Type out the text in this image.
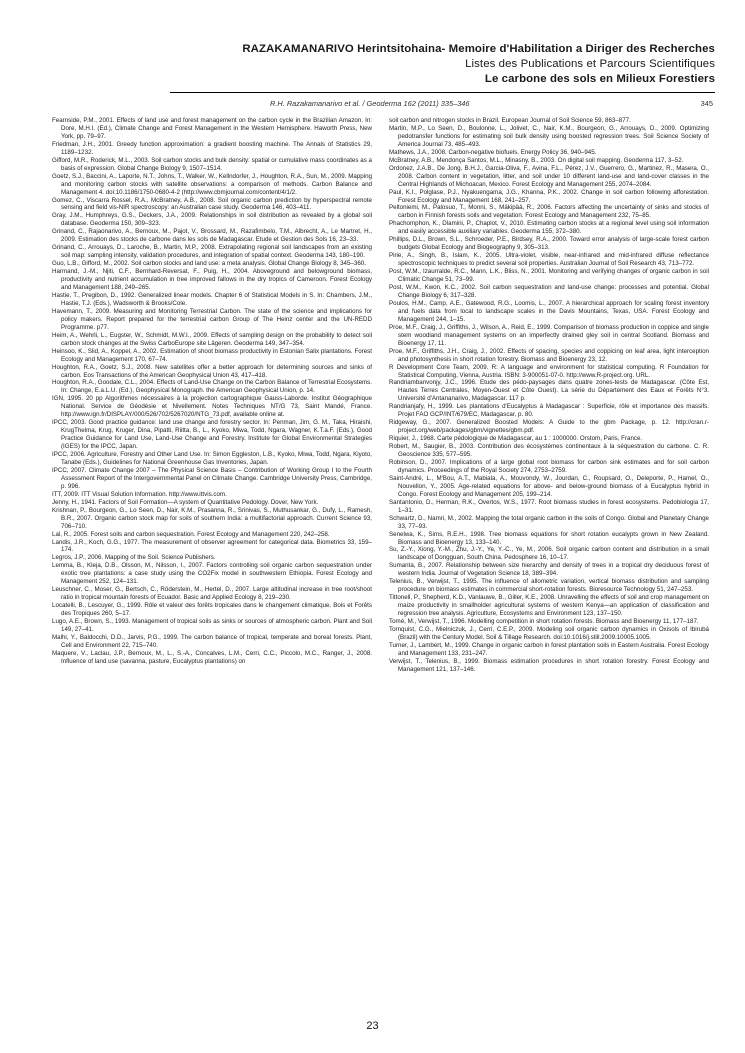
RAZAKAMANARIVO Herintsitohaina- Memoire d'Habilitation a Diriger des Recherches
Listes des Publications et Parcours Scientifiques
Le carbone des sols en Milieux Forestiers
R.H. Razakamanarivo et al. / Geoderma 162 (2011) 335–346	345

Fearnside, P.M., 2001. Effects of land use and forest management on the carbon cycle in the Brazilian Amazon. In: Dore, M.H.I. (Ed.), Climate Change and Forest Management in the Western Hemisphere. Haworth Press, New York, pp. 79–97.

Friedman, J.H., 2001. Greedy function approximation: a gradient boosting machine. The Annals of Statistics 29, 1189–1232.

Gifford, M.R., Roderick, M.L., 2003. Soil carbon stocks and bulk density: spatial or cumulative mass coordinates as a basis of expression. Global Change Biology 9, 1507–1514.

Goetz, S.J., Baccini, A., Laporte, N.T., Johns, T., Walker, W., Kellndorfer, J., Houghton, R.A., Sun, M., 2009. Mapping and monitoring carbon stocks with satellite observations: a comparison of methods. Carbon Balance and Management 4. doi:10.1186/1750-0680-4-2 (http://www.cbmjournal.com/content/4/1/2.

Gomez, C., Viscarra Rossel, R.A., McBratney, A.B., 2008. Soil organic carbon prediction by hyperspectral remote sensing and field vis-NIR spectroscopy: an Australian case study. Geoderma 146, 403–411.

Gray, J.M., Humphreys, G.S., Deckers, J.A., 2009. Relationships in soil distribution as revealed by a global soil database. Geoderma 150, 309–323.

Grinand, C., Rajaonarivo, A., Bernoux, M., Pajot, V., Brossard, M., Razafimbelo, T.M., Albrecht, A., Le Martret, H., 2009. Estimation des stocks de carbone dans les sols de Madagascar. Etude et Gestion des Sols 16, 23–33.

Grinand, C., Arrouays, D., Laroche, B., Martin, M.P., 2008. Extrapolating regional soil landscapes from an existing soil map: sampling intensity, validation procedures, and integration of spatial context. Geoderma 143, 180–190.

Guo, L.B., Gifford, M., 2002. Soil carbon stocks and land use: a meta analysis. Global Change Biology 8, 345–360.

Harmand, J.-M., Njiti, C.F., Bernhard-Reversat, F., Puig, H., 2004. Aboveground and belowground biomass, productivity and nutrient accumulation in tree improved fallows in the dry tropics of Cameroon. Forest Ecology and Management 188, 249–265.

Hastie, T., Pregibon, D., 1992. Generalized linear models. Chapter 6 of Statistical Models in S. In: Chambers, J.M., Hastie, T.J. (Eds.), Wadsworth & Brooks/Cole.

Havemann, T., 2009. Measuring and Monitoring Terrestrial Carbon. The state of the science and implications for policy makers. Report prepared for the terrestrial carbon Group of The Heinz center and the UN-REDD Programme. p77.

Heim, A., Wehrli, L., Eugster, W., Schmidt, M.W.I., 2009. Effects of sampling design on the probability to detect soil carbon stock changes at the Swiss CarboEurope site Lägeren. Geoderma 149, 347–354.

Heinsoo, K., Slid, A., Koppel, A., 2002. Estimation of shoot biomass productivity in Estonian Salix plantations. Forest Ecology and Management 170, 67–74.

Houghton, R.A., Goetz, S.J., 2008. New satellites offer a better approach for determining sources and sinks of carbon. Eos Transactions of the American Geophysical Union 43, 417–418.

Houghton, R.A., Goodale, C.L., 2004. Effects of Land-Use Change on the Carbon Balance of Terrestrial Ecosystems. In: Change, E.a.L.U. (Ed.), Geophysical Monograph. the American Geophysical Union, p. 14.

IGN, 1995. 20 pp Algorithmes nécessaires à la projection cartographique Gauss-Laborde. Institut Géographique National. Service de Géodésie et Nivellement. Notes Techniques NT/G 73, Saint Mandé, France. http://www.ign.fr/DISPLAY/000/526/702/5267020/NTG_73.pdf, available online at.

IPCC, 2003. Good practice guidance: land use change and forestry sector. In: Penman, Jim, G. M., Taka, Hiraishi, KrugThelma, Krug, Kruger, Dina, Pipatti, Riitta, B., L., Kyoko, Miwa, Todd, Ngara, Wagner, K.T.a.F. (Eds.), Good Practice Guidance for Land Use, Land-Use Change and Forestry. Institute for Global Environmental Strategies (IGES) for the IPCC, Japan.

IPCC, 2006. Agriculture, Forestry and Other Land Use. In: Simon Eggleston, L.B., Kyoko, Miwa, Todd, Ngara, Kiyoto, Tanabe (Eds.), Guidelines for National Greenhouse Gas Inventories, Japan.

IPCC, 2007. Climate Change 2007 – The Physical Science Basis – Contribution of Working Group I to the Fourth Assessment Report of the Intergovernmental Panel on Climate Change. Cambridge University Press, Cambridge, p. 996.

ITT, 2009. ITT Visual Solution Information. http://www.ittvis.com.

Jenny, H., 1941. Factors of Soil Formation—A system of Quantitative Pedology. Dover, New York.

Krishnan, P., Bourgeon, G., Lo Seen, D., Nair, K.M., Prasanna, R., Srinivas, S., Muthusankar, G., Dufy, L., Ramesh, B.R., 2007. Organic carbon stock map for soils of southern India: a multifactorial approach. Current Science 93, 706–710.

Lal, R., 2005. Forest soils and carbon sequestration. Forest Ecology and Management 220, 242–258.

Landis, J.R., Koch, G.G., 1977. The measurement of observer agreement for categorical data. Biometrics 33, 159–174.

Legros, J.P., 2006. Mapping of the Soil. Science Publishers.

Lemma, B., Kleja, D.B., Olsson, M., Nilsson, I., 2007. Factors controlling soil organic carbon sequestration under exotic tree plantations: a case study using the CO2Fix model in southwestern Ethiopia. Forest Ecology and Management 252, 124–131.

Leuschner, C., Moser, G., Bertsch, C., Röderstein, M., Hertel, D., 2007. Large altitudinal increase in tree root/shoot ratio in tropical mountain forests of Ecuador. Basic and Applied Ecology 8, 219–230.

Locatelli, B., Lescuyer, G., 1999. Rôle et valeur des forêts tropicales dans le changement climatique. Bois et Forêts des Tropiques 260, 5–17.

Lugo, A.E., Brown, S., 1993. Management of tropical soils as sinks or sources of atmospheric carbon. Plant and Soil 149, 27–41.

Malhi, Y., Baldocchi, D.D., Jarvis, P.G., 1999. The carbon balance of tropical, temperate and boreal forests. Plant, Cell and Environment 22, 715–740.

Maquere, V., Laclau, J.P., Bernoux, M., L., S.-A., Concalves, L.M., Cerri, C.C., Piccolo, M.C., Ranger, J., 2008. Influence of land use (savanna, pasture, Eucalyptus plantations) on

soil carbon and nitrogen stocks in Brazil. European Journal of Soil Science 59, 863–877.

Martin, M.P., Lo Seen, D., Boulonne, L., Jolivet, C., Nair, K.M., Bourgeon, G., Arrouays, D., 2009. Optimizing pedotransfer functions for estimating soil bulk density using boosted regression trees. Soil Science Society of America Journal 73, 485–493.

Mathews, J.A., 2008. Carbon-negative biofuels. Energy Policy 36, 940–945.

McBratney, A.B., Mendonça Santos, M.L., Minasny, B., 2003. On digital soil mapping. Geoderma 117, 3–52.

Ordonez, J.A.B., De Jong, B.H.J., Garcia-Oliva, F., Avina, F.L., Pérez, J.V., Guerrero, G., Martinez, R., Masera, O., 2008. Carbon content in vegetation, litter, and soil under 10 different land-use and land-cover classes in the Central Highlands of Michoacan, Mexico. Forest Ecology and Management 255, 2074–2084.

Paul, K.I., Polglase, P.J., Nyakuengama, J.G., Khanna, P.K., 2002. Change in soil carbon following afforestation. Forest Ecology and Management 168, 241–257.

Peltoniemi, M., Palosuo, T., Monni, S., Mäkipää, R., 2006. Factors affecting the uncertainty of sinks and stocks of carbon in Finnish forests soils and vegetation. Forest Ecology and Management 232, 75–85.

Phachomphon, K., Dlamini, P., Chaplot, V., 2010. Estimating carbon stocks at a regional level using soil information and easily accessible auxiliary variables. Geoderma 155, 372–380.

Phillips, D.L., Brown, S.L., Schroeder, P.E., Birdsey, R.A., 2000. Toward error analysis of large-scale forest carbon budgets Global Ecology and Biogeography 9, 305–313.

Pirie, A., Singh, B., Islam, K., 2005. Ultra-violet, visible, near-infrared and mid-infrared diffuse reflectance spectroscopic techniques to predict several soil properties. Australian Journal of Soil Research 43, 713–772.

Post, W.M., Izaurralde, R.C., Mann, L.K., Bliss, N., 2001. Monitoring and verifying changes of organic carbon in soil Climatic Change 51, 73–99.

Post, W.M., Kwon, K.C., 2002. Soil carbon sequestration and land-use change: processes and potential. Global Change Biology 6, 317–328.

Poulos, H.M., Camp, A.E., Gatewood, R.G., Loomis, L., 2007. A hierarchical approach for scaling forest inventory and fuels data from local to landscape scales in the Davis Mountains, Texas, USA. Forest Ecology and Management 244, 1–15.

Proe, M.F., Craig, J., Griffiths, J., Wilson, A., Reid, E., 1999. Comparison of biomass production in coppice and single stem woodland management systems on an imperfectly drained gley soil in central Scotland. Biomass and Bioenergy 17, 11.

Proe, M.F., Griffiths, J.H., Craig, J., 2002. Effects of spacing, species and coppicing on leaf area, light interception and photosynthesis in short rotation forestry. Biomass and Bioenergy 23, 12.

R Development Core Team, 2009. R: A language and environment for statistical computing. R Foundation for Statistical Computing, Vienna, Austria. ISBN: 3-900051-07-0. http://www.R-project.org. URL.

Randriambanvonjy, J.C., 1996. Etude des pédo-paysages dans quatre zones-tests de Madagascar. (Côte Est, Hautes Terres Centrales, Moyen-Ouest et Côte Ouest). La série du Département des Eaux et Forêts N°3. Université d'Antananarivo, Madagascar. 117 p.

Randrianjafy, H., 1999. Les plantations d'Eucalyptus à Madagascar : Superficie, rôle et importance des massifs. Projet FAO GCP/INT/679/EC, Madagascar, p. 80.

Ridgeway, G., 2007. Generalized Boosted Models: A Guide to the gbm Package, p. 12. http://cran.r-project.org/web/packages/gbm/vignettes/gbm.pdf.

Riquier, J., 1968. Carte pédologique de Madagascar, au 1 : 1000000. Orstom, Paris, France.

Robert, M., Saugier, B., 2003. Contribution des écosystèmes continentaux à la séquestration du carbone. C. R. Geoscience 335, 577–595.

Robinson, D., 2007. Implications of a large global root biomass for carbon sink estimates and for soil carbon dynamics. Proceedings of the Royal Society 274, 2753–2759.

Saint-André, L., M'Bou, A.T., Mabiala, A., Mouvondy, W., Jourdan, C., Roupsard, O., Deleporte, P., Hamel, O., Nouvellon, Y., 2005. Age-related equations for above- and below-ground biomass of a Eucalyptus hybrid in Congo. Forest Ecology and Management 205, 199–214.

Santantonio, D., Herman, R.K., Overtos, W.S., 1977. Root biomass studies in forest ecosystems. Pedobiologia 17, 1–31.

Schwartz, D., Namri, M., 2002. Mapping the total organic carbon in the soils of Congo. Global and Planetary Change 33, 77–93.

Senelwa, K., Sims, R.E.H., 1998. Tree biomass equations for short rotation eucalypts grown in New Zealand. Biomass and Bioenergy 13, 133–140.

Su, Z.-Y., Xiong, Y.-M., Zhu, J.-Y., Ye, Y.-C., Ye, M., 2006. Soil organic carbon content and distribution in a small landscape of Dongguan, South China. Pedosphere 16, 10–17.

Sumanta, B., 2007. Relationship between size hierarchy and density of trees in a tropical dry deciduous forest of western India. Journal of Vegetation Science 18, 389–394.

Telenius, B., Verwijst, T., 1995. The influence of allometric variation, vertical biomass distribution and sampling procedure on biomass estimates in commercial short-rotation forests. Bioresource Technology 51, 247–253.

Tittonell, P., Shepherd, K.D., Vanlauwe, B., Giller, K.E., 2008. Unravelling the effects of soil and crop management on maize productivity in smallholder agricultural systems of western Kenya—an application of classification and regression tree analysis. Agriculture, Ecosystems and Environment 123, 137–150.

Tomé, M., Verwijst, T., 1996. Modelling competition in short rotation forests. Biomass and Bioenergy 11, 177–187.

Tornquist, C.G., Mielniczuk, J., Cerri, C.E.P., 2009. Modeling soil organic carbon dynamics in Oxisols of Ibirubá (Brazil) with the Century Model. Soil & Tillage Research. doi:10.1016/j.still.2009.10005.1005.

Turner, J., Lambert, M., 1999. Change in organic carbon in forest plantation soils in Eastern Australia. Forest Ecology and Management 133, 231–247.

Verwijst, T., Telenius, B., 1999. Biomass estimation procedures in short rotation forestry. Forest Ecology and Management 121, 137–146.

23
